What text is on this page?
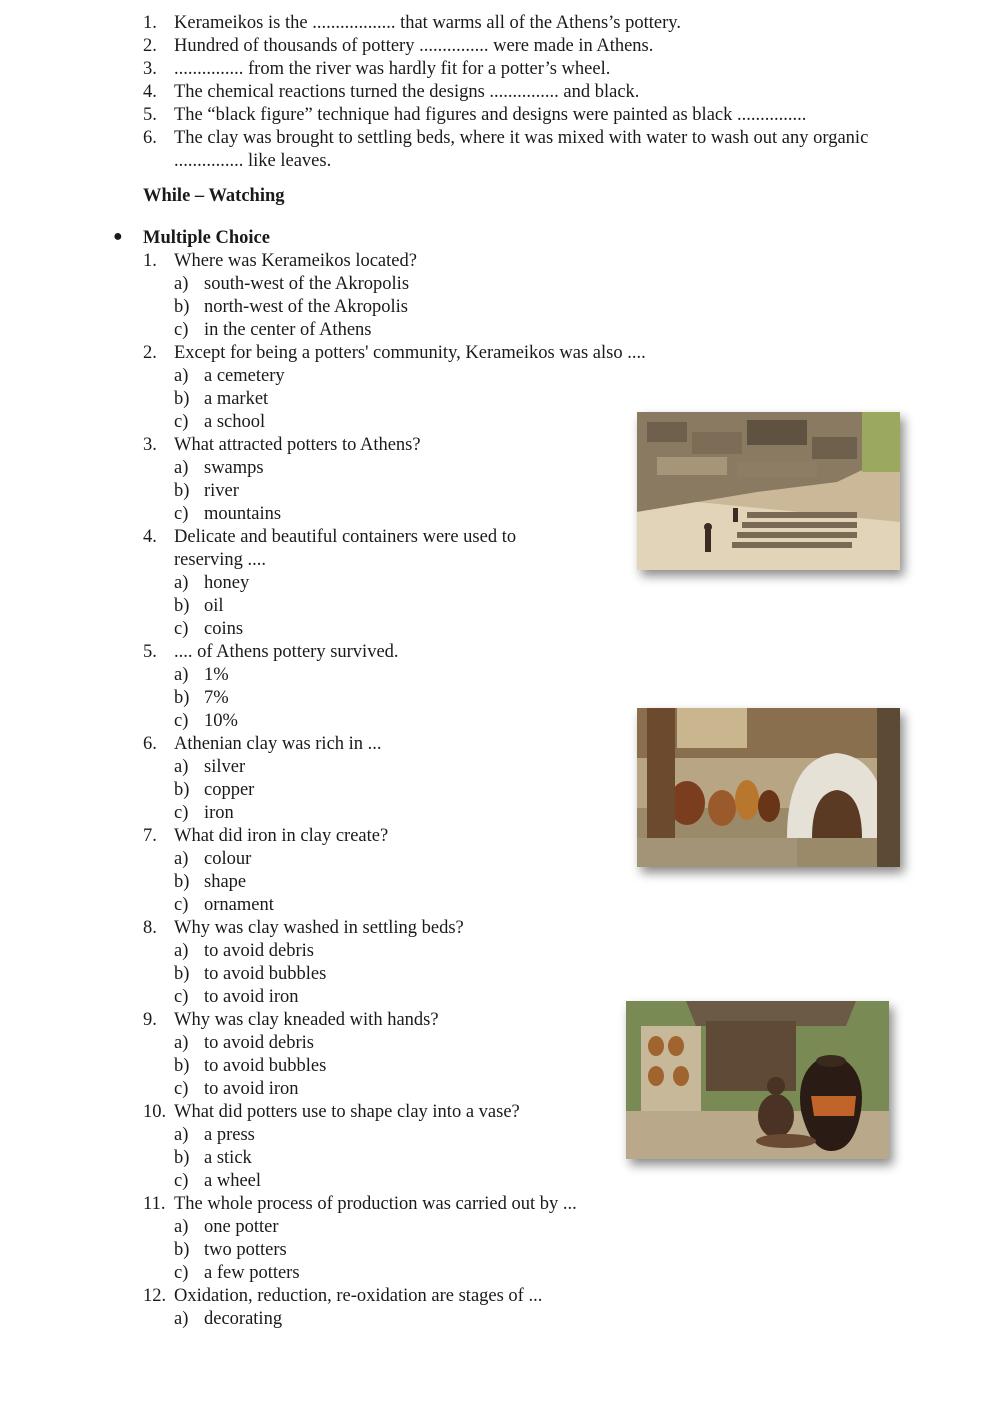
1. Kerameikos is the .................. that warms all of the Athens’s pottery.
2. Hundred of thousands of pottery ............... were made in Athens.
3. ............... from the river was hardly fit for a potter’s wheel.
4. The chemical reactions turned the designs ............... and black.
5. The “black figure” technique had figures and designs were painted as black ...............
6. The clay was brought to settling beds, where it was mixed with water to wash out any organic
............... like leaves.
While – Watching
● Multiple Choice
1. Where was Kerameikos located?
a) south-west of the Akropolis
b) north-west of the Akropolis
c) in the center of Athens
2. Except for being a potters' community, Kerameikos was also ....
a) a cemetery
b) a market
c) a school
3. What attracted potters to Athens?
a) swamps
b) river
c) mountains
4. Delicate and beautiful containers were used to
reserving ....
a) honey
b) oil
c) coins
5. .... of Athens pottery survived.
a) 1%
b) 7%
c) 10%
6. Athenian clay was rich in ...
a) silver
b) copper
c) iron
7. What did iron in clay create?
a) colour
b) shape
c) ornament
8. Why was clay washed in settling beds?
a) to avoid debris
b) to avoid bubbles
c) to avoid iron
9. Why was clay kneaded with hands?
a) to avoid debris
b) to avoid bubbles
c) to avoid iron
10. What did potters use to shape clay into a vase?
a) a press
b) a stick
c) a wheel
11. The whole process of production was carried out by ...
a) one potter
b) two potters
c) a few potters
12. Oxidation, reduction, re-oxidation are stages of ...
a) decorating
